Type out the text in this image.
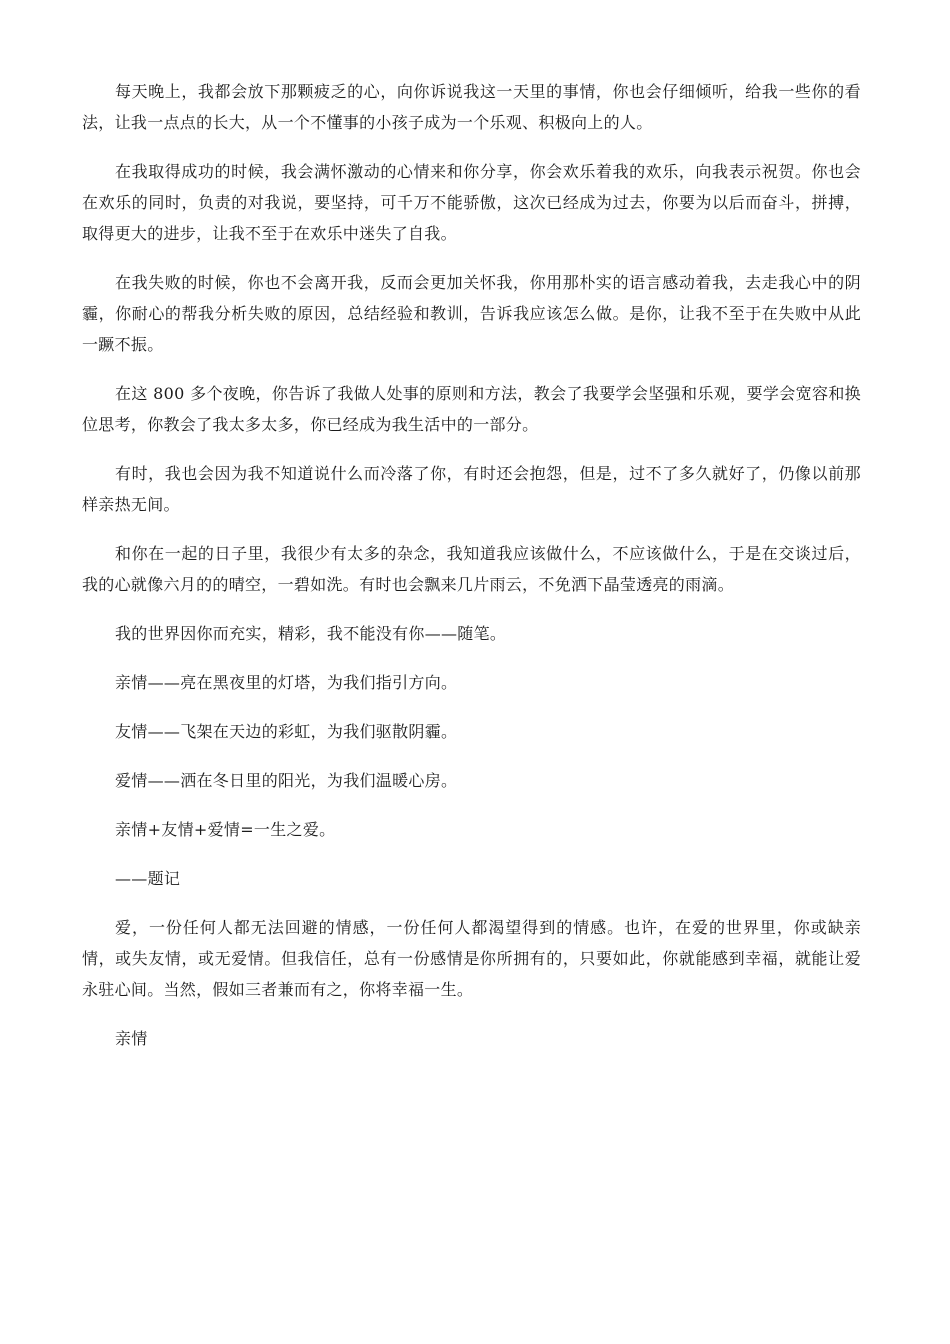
每天晚上，我都会放下那颗疲乏的心，向你诉说我这一天里的事情，你也会仔细倾听，给我一些你的看法，让我一点点的长大，从一个不懂事的小孩子成为一个乐观、积极向上的人。

在我取得成功的时候，我会满怀激动的心情来和你分享，你会欢乐着我的欢乐，向我表示祝贺。你也会在欢乐的同时，负责的对我说，要坚持，可千万不能骄傲，这次已经成为过去，你要为以后而奋斗，拼搏，取得更大的进步，让我不至于在欢乐中迷失了自我。

在我失败的时候，你也不会离开我，反而会更加关怀我，你用那朴实的语言感动着我，去走我心中的阴霾，你耐心的帮我分析失败的原因，总结经验和教训，告诉我应该怎么做。是你，让我不至于在失败中从此一蹶不振。

在这 800 多个夜晚，你告诉了我做人处事的原则和方法，教会了我要学会坚强和乐观，要学会宽容和换位思考，你教会了我太多太多，你已经成为我生活中的一部分。

有时，我也会因为我不知道说什么而冷落了你，有时还会抱怨，但是，过不了多久就好了，仍像以前那样亲热无间。

和你在一起的日子里，我很少有太多的杂念，我知道我应该做什么，不应该做什么，于是在交谈过后，我的心就像六月的的晴空，一碧如洗。有时也会飘来几片雨云，不免洒下晶莹透亮的雨滴。

我的世界因你而充实，精彩，我不能没有你——随笔。

亲情——亮在黑夜里的灯塔，为我们指引方向。

友情——飞架在天边的彩虹，为我们驱散阴霾。

爱情——洒在冬日里的阳光，为我们温暖心房。

亲情+友情+爱情=一生之爱。

——题记

爱，一份任何人都无法回避的情感，一份任何人都渴望得到的情感。也许，在爱的世界里，你或缺亲情，或失友情，或无爱情。但我信任，总有一份感情是你所拥有的，只要如此，你就能感到幸福，就能让爱永驻心间。当然，假如三者兼而有之，你将幸福一生。

亲情
